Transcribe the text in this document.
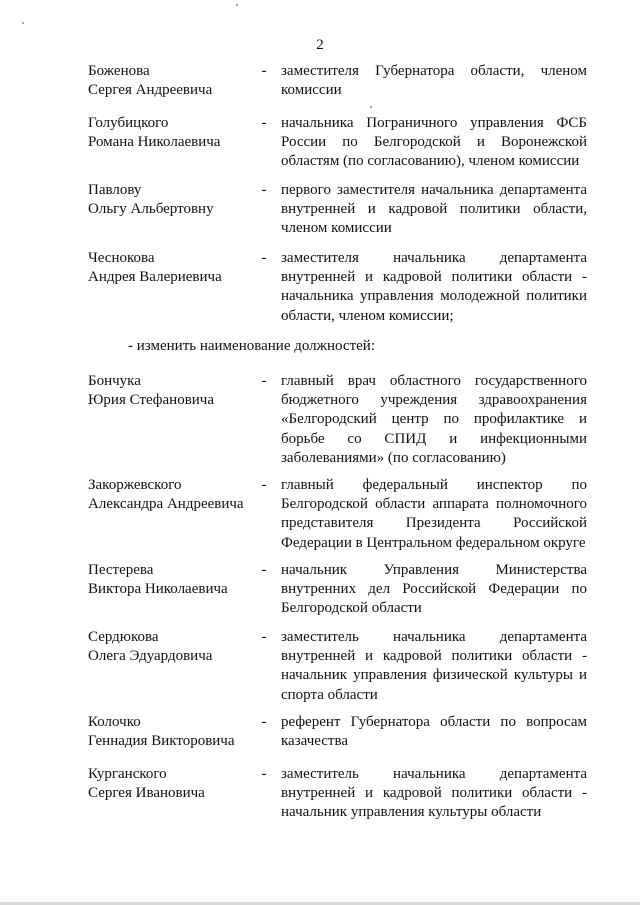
2
Боженова
Сергея Андреевича
- заместителя Губернатора области, членом комиссии
Голубицкого
Романа Николаевича
- начальника Пограничного управления ФСБ России по Белгородской и Воронежской областям (по согласованию), членом комиссии
Павлову
Ольгу Альбертовну
- первого заместителя начальника департамента внутренней и кадровой политики области, членом комиссии
Чеснокова
Андрея Валериевича
- заместителя начальника департамента внутренней и кадровой политики области - начальника управления молодежной политики области, членом комиссии;
- изменить наименование должностей:
Бончука
Юрия Стефановича
- главный врач областного государственного бюджетного учреждения здравоохранения «Белгородский центр по профилактике и борьбе со СПИД и инфекционными заболеваниями» (по согласованию)
Закоржевского
Александра Андреевича
- главный федеральный инспектор по Белгородской области аппарата полномочного представителя Президента Российской Федерации в Центральном федеральном округе
Пестерева
Виктора Николаевича
- начальник Управления Министерства внутренних дел Российской Федерации по Белгородской области
Сердюкова
Олега Эдуардовича
- заместитель начальника департамента внутренней и кадровой политики области - начальник управления физической культуры и спорта области
Колочко
Геннадия Викторовича
- референт Губернатора области по вопросам казачества
Курганского
Сергея Ивановича
- заместитель начальника департамента внутренней и кадровой политики области - начальник управления культуры области
